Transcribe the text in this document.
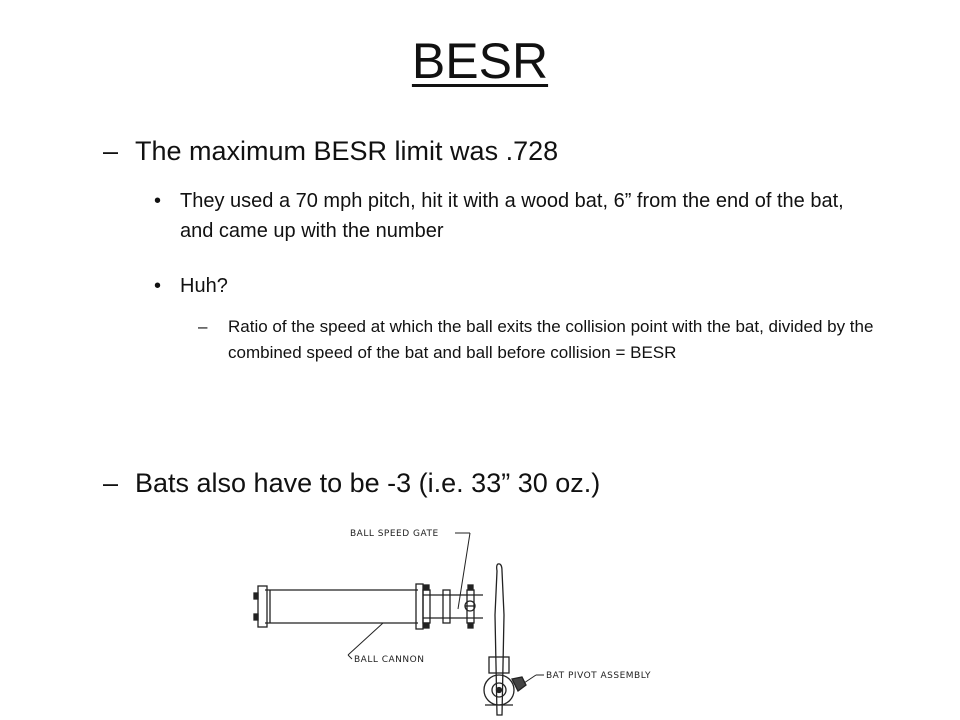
BESR
– The maximum BESR limit was .728
• They used a 70 mph pitch, hit it with a wood bat, 6” from the end of the bat, and came up with the number
• Huh?
– Ratio of the speed at which the ball exits the collision point with the bat, divided by the combined speed of the bat and ball before collision = BESR
– Bats also have to be -3 (i.e. 33” 30 oz.)
BALL SPEED GATE
BALL CANNON
BAT PIVOT ASSEMBLY
